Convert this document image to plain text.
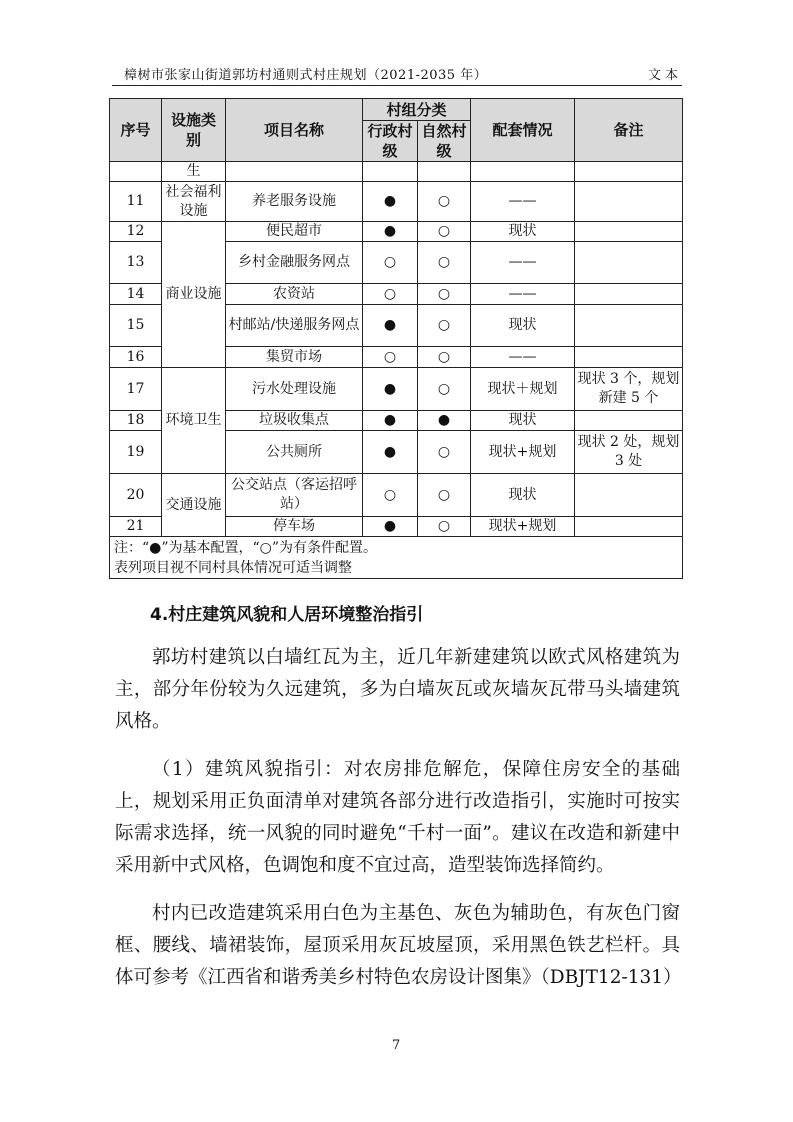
樟树市张家山街道郭坊村通则式村庄规划（2021-2035 年）	文本
序号	设施类别	项目名称	村组分类		配套情况	备注
			行政村级	自然村级		
	生					
11	社会福利设施	养老服务设施	●	○	——	
12	商业设施	便民超市	●	○	现状	
13		乡村金融服务网点	○	○	——	
14		农资站	○	○	——	
15		村邮站/快递服务网点	●	○	现状	
16		集贸市场	○	○	——	
17	环境卫生	污水处理设施	●	○	现状＋规划	现状 3 个，规划新建 5 个
18		垃圾收集点	●	●	现状	
19		公共厕所	●	○	现状+规划	现状 2 处，规划 3 处
20	交通设施	公交站点（客运招呼站）	○	○	现状	
21		停车场	●	○	现状+规划	

注：“●”为基本配置，“○”为有条件配置。
表列项目视不同村具体情况可适当调整						
4.村庄建筑风貌和人居环境整治指引

郭坊村建筑以白墙红瓦为主，近几年新建建筑以欧式风格建筑为主，部分年份较为久远建筑，多为白墙灰瓦或灰墙灰瓦带马头墙建筑风格。

（1）建筑风貌指引：对农房排危解危，保障住房安全的基础上，规划采用正负面清单对建筑各部分进行改造指引，实施时可按实际需求选择，统一风貌的同时避免“千村一面”。建议在改造和新建中采用新中式风格，色调饱和度不宜过高，造型装饰选择简约。

村内已改造建筑采用白色为主基色、灰色为辅助色，有灰色门窗框、腰线、墙裙装饰，屋顶采用灰瓦坡屋顶，采用黑色铁艺栏杆。具体可参考《江西省和谐秀美乡村特色农房设计图集》（DBJT12-131）

7
